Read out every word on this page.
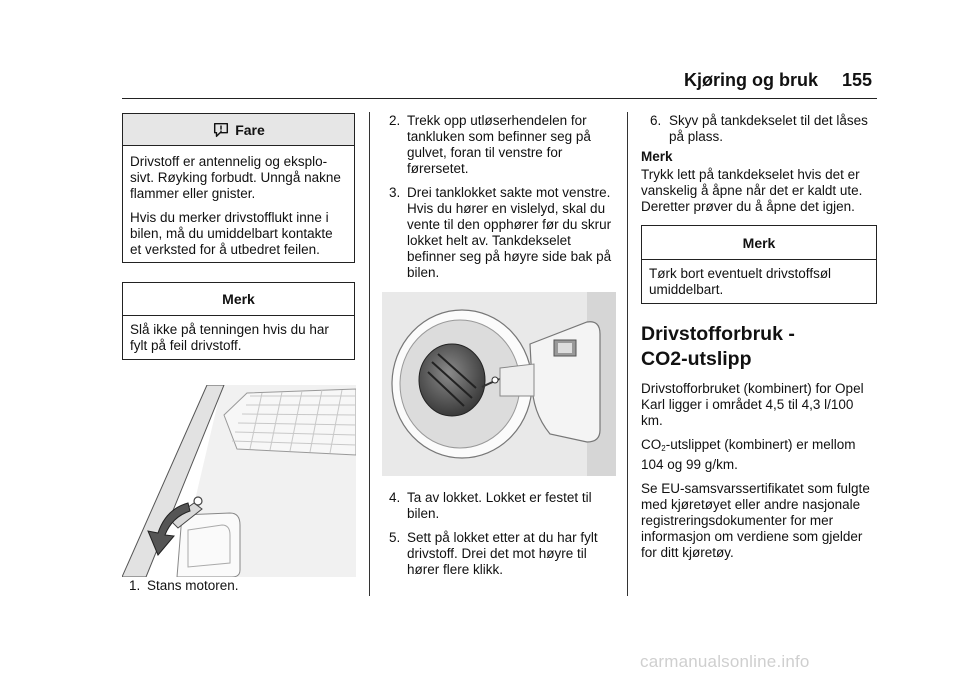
Kjøring og bruk 155
Fare

Drivstoff er antennelig og eksplo- sivt. Røyking forbudt. Unngå nakne flammer eller gnister.

Hvis du merker drivstofflukt inne i bilen, må du umiddelbart kontakte et verksted for å utbedret feilen.

Merk

Slå ikke på tenningen hvis du har fylt på feil drivstoff.

1. Stans motoren.
2. Trekk opp utløserhendelen for tankluken som befinner seg på gulvet, foran til venstre for førersetet.
3. Drei tanklokket sakte mot venstre. Hvis du hører en vislelyd, skal du vente til den opphører før du skrur lokket helt av. Tankdekselet befinner seg på høyre side bak på bilen.
4. Ta av lokket. Lokket er festet til bilen.
5. Sett på lokket etter at du har fylt drivstoff. Drei det mot høyre til hører flere klikk.
6. Skyv på tankdekselet til det låses på plass.

Merk

Trykk lett på tankdekselet hvis det er vanskelig å åpne når det er kaldt ute. Deretter prøver du å åpne det igjen.

Merk

Tørk bort eventuelt drivstoffsøl umiddelbart.

Drivstofforbruk -
CO2-utslipp

Drivstofforbruket (kombinert) for Opel Karl ligger i området 4,5 til 4,3 l/100 km.

$CO_2$-utslippet (kombinert) er mellom 104 og 99 g/km.

Se EU-samsvarssertifikatet som fulgte med kjøretøyet eller andre nasjonale registreringsdokumenter for mer informasjon om verdiene som gjelder for ditt kjøretøy.

carmanualsonline.info
